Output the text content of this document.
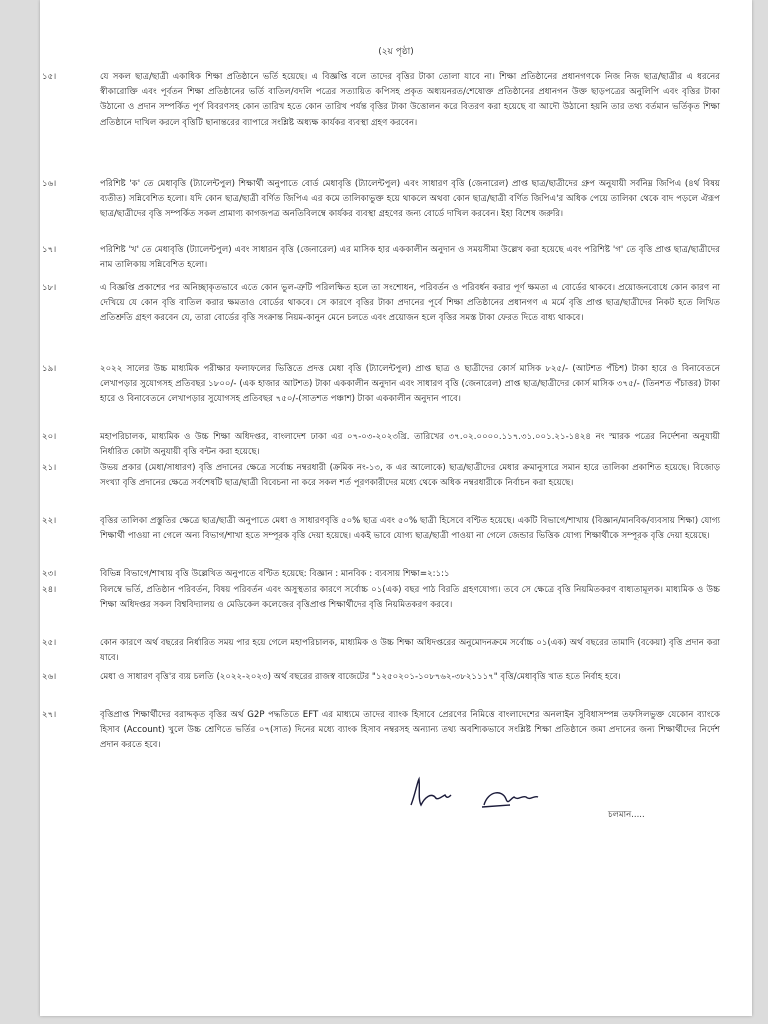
(২য় পৃষ্ঠা)
১৫।	যে সকল ছাত্র/ছাত্রী একাধিক শিক্ষা প্রতিষ্ঠানে ভর্তি হয়েছে। এ বিজ্ঞপ্তি বলে তাদের বৃত্তির টাকা তোলা যাবে না। শিক্ষা প্রতিষ্ঠানের প্রধানগণকে নিজ নিজ ছাত্র/ছাত্রীর এ ধরনের স্বীকারোক্তি এবং পূর্বতন শিক্ষা প্রতিষ্ঠানের ভর্তি বাতিল/বদলি পত্রের সত্যায়িত কপিসহ প্রকৃত অধ্যয়নরত/শেষোক্ত প্রতিষ্ঠানের প্রধানগন উক্ত ছাড়পত্রের অনুলিপি এবং বৃত্তির টাকা উঠানো ও প্রদান সম্পর্কিত পূর্ণ বিবরণসহ কোন তারিখ হতে কোন তারিখ পর্যন্ত বৃত্তির টাকা উত্তোলন করে বিতরণ করা হয়েছে বা আদৌ উঠানো হয়নি তার তথ্য বর্তমান ভর্তিকৃত শিক্ষা প্রতিষ্ঠানে দাখিল করলে বৃত্তিটি ছানান্তরের ব্যাপারে সংশ্লিষ্ট অধ্যক্ষ কার্যকর ব্যবস্থা গ্রহণ করবেন।
১৬।	পরিশিষ্ট 'ক' তে মেধাবৃত্তি (ট্যালেন্টপুল) শিক্ষার্থী অনুপাতে বোর্ড মেধাবৃত্তি (ট্যালেন্টপুল) এবং সাধারণ বৃত্তি (জেনারেল) প্রাপ্ত ছাত্র/ছাত্রীদের গ্রুপ অনুযায়ী সর্বনিম্ন জিপিএ (৪র্থ বিষয় ব্যতীত) সন্নিবেশিত হলো। যদি কোন ছাত্র/ছাত্রী বর্ণিত জিপিএ এর কমে তালিকাভুক্ত হয়ে থাকলে অথবা কোন ছাত্র/ছাত্রী বর্ণিত জিপিএ'র অধিক পেয়ে তালিকা থেকে বাদ পড়লে ঐরূপ ছাত্র/ছাত্রীদের বৃত্তি সম্পর্কিত সকল প্রামাণ্য কাগজপত্র অনতিবিলম্বে কার্যকর ব্যবস্থা গ্রহণের জন্য বোর্ডে দাখিল করবেন। ইহা বিশেষ জরুরি।
১৭।	পরিশিষ্ট 'খ' তে মেধাবৃত্তি (ট্যালেন্টপুল) এবং সাধারন বৃত্তি (জেনারেল) এর মাসিক হার এককালীন অনুদান ও সময়সীমা উল্লেখ করা হয়েছে এবং পরিশিষ্ট 'গ' তে বৃত্তি প্রাপ্ত ছাত্র/ছাত্রীদের নাম তালিকায় সন্নিবেশিত হলো।
১৮।	এ বিজ্ঞপ্তি প্রকাশের পর অনিচ্ছাকৃতভাবে এতে কোন ভুল-ত্রুটি পরিলক্ষিত হলে তা সংশোধন, পরিবর্তন ও পরিবর্ধন করার পূর্ণ ক্ষমতা এ বোর্ডের থাকবে। প্রয়োজনবোধে কোন কারণ না দেখিয়ে যে কোন বৃত্তি বাতিল করার ক্ষমতাও বোর্ডের থাকবে। সে কারণে বৃত্তির টাকা প্রদানের পূর্বে শিক্ষা প্রতিষ্ঠানের প্রধানগণ এ মর্মে বৃত্তি প্রাপ্ত ছাত্র/ছাত্রীদের নিকট হতে লিখিত প্রতিশ্রুতি গ্রহণ করবেন যে, তারা বোর্ডের বৃত্তি সংক্রান্ত নিয়ম-কানুন মেনে চলতে এবং প্রয়োজন হলে বৃত্তির সমস্ত টাকা ফেরত দিতে বাধ্য থাকবে।
১৯।	২০২২ সালের উচ্চ মাধ্যমিক পরীক্ষার ফলাফলের ভিত্তিতে প্রদত্ত মেধা বৃত্তি (ট্যালেন্টপুল) প্রাপ্ত ছাত্র ও ছাত্রীদের কোর্স মাসিক ৮২৫/- (আটশত পঁচিশ) টাকা হারে ও বিনাবেতনে লেখাপড়ার সুযোগসহ প্রতিবছর ১৮০০/- (এক হাজার আটশত) টাকা এককালীন অনুদান এবং সাধারণ বৃত্তি (জেনারেল) প্রাপ্ত ছাত্র/ছাত্রীদের কোর্স মাসিক ৩৭৫/- (তিনশত পঁচাত্তর) টাকা হারে ও বিনাবেতনে লেখাপড়ার সুযোগসহ প্রতিবছর ৭৫০/-(সাতশত পঞ্চাশ) টাকা এককালীন অনুদান পাবে।
২০।	মহাপরিচালক, মাধ্যমিক ও উচ্চ শিক্ষা অধিদপ্তর, বাংলাদেশ ঢাকা এর ০৭-০৩-২০২৩খ্রি. তারিখের ৩৭.০২.০০০০.১১৭.৩১.০০১.২১-১৪২৪ নং স্মারক পত্রের নির্দেশনা অনুযায়ী নির্ধারিত কোটা অনুযায়ী বৃত্তি বন্টন করা হয়েছে।
২১।	উভয় প্রকার (মেধা/সাধারণ) বৃত্তি প্রদানের ক্ষেত্রে সর্বোচ্চ নম্বরধারী (ক্রমিক নং-১৩, ক এর আলোকে) ছাত্র/ছাত্রীদের মেধার ক্রমানুসারে সমান হারে তালিকা প্রকাশিত হয়েছে। বিজোড় সংখ্যা বৃত্তি প্রদানের ক্ষেত্রে সর্বশেষটি ছাত্র/ছাত্রী বিবেচনা না করে সকল শর্ত পূরণকারীদের মধ্যে থেকে অধিক নম্বরধারীকে নির্বাচন করা হয়েছে।
২২।	বৃত্তির তালিকা প্রস্তুতির ক্ষেত্রে ছাত্র/ছাত্রী অনুপাতে মেধা ও সাধারণবৃত্তি ৫০% ছাত্র এবং ৫০% ছাত্রী হিসেবে বণ্টিত হয়েছে। একটি বিভাগে/শাখায় (বিজ্ঞান/মানবিক/ব্যবসায় শিক্ষা) যোগ্য শিক্ষার্থী পাওয়া না গেলে অন্য বিভাগ/শাখা হতে সম্পূরক বৃত্তি দেয়া হয়েছে। একই ভাবে যোগ্য ছাত্র/ছাত্রী পাওয়া না গেলে জেন্ডার ভিত্তিক যোগ্য শিক্ষার্থীকে সম্পূরক বৃত্তি দেয়া হয়েছে।
২৩।	বিভিন্ন বিভাগে/শাখায় বৃত্তি উল্লেখিত অনুপাতে বণ্টিত হয়েছে: বিজ্ঞান : মানবিক : ব্যবসায় শিক্ষা=২:১:১
২৪।	বিলম্বে ভর্তি, প্রতিষ্ঠান পরিবর্তন, বিষয় পরিবর্তন এবং অসুস্থতার কারণে সর্বোচ্চ ০১(এক) বছর পাঠ বিরতি গ্রহণযোগ্য। তবে সে ক্ষেত্রে বৃত্তি নিয়মিতকরণ বাধ্যতামূলক। মাধ্যমিক ও উচ্চ শিক্ষা অধিদপ্তর সকল বিশ্ববিদ্যালয় ও মেডিকেল কলেজের বৃত্তিপ্রাপ্ত শিক্ষার্থীদের বৃত্তি নিয়মিতকরণ করবে।
২৫।	কোন কারণে অর্থ বছরের নির্ধারিত সময় পার হয়ে গেলে মহাপরিচালক, মাধ্যমিক ও উচ্চ শিক্ষা অধিদপ্তরের অনুমোদনক্রমে সর্বোচ্চ ০১(এক) অর্থ বছরের তামাদি (বকেয়া) বৃত্তি প্রদান করা যাবে।
২৬।	মেধা ও সাধারণ বৃত্তি'র ব্যয় চলতি (২০২২-২০২৩) অর্থ বছরের রাজস্ব বাজেটের "১২৫০২০১-১০৮৭৬২-৩৮২১১১৭" বৃত্তি/মেধাবৃত্তি খাত হতে নির্বাহ হবে।
২৭।	বৃত্তিপ্রাপ্ত শিক্ষার্থীদের বরাদ্দকৃত বৃত্তির অর্থ G2P পদ্ধতিতে EFT এর মাধ্যমে তাদের ব্যাংক হিসাবে প্রেরণের নিমিত্তে বাংলাদেশের অনলাইন সুবিধাসম্পন্ন তফসিলভুক্ত যেকোন ব্যাংকে হিসাব (Account) খুলে উচ্চ শ্রেণিতে ভর্তির ০৭(সাত) দিনের মধ্যে ব্যাংক হিসাব নম্বরসহ অন্যান্য তথ্য অবশ্যিকভাবে সংশ্লিষ্ট শিক্ষা প্রতিষ্ঠানে জমা প্রদানের জন্য শিক্ষার্থীদের নির্দেশ প্রদান করতে হবে।
চলমান.....
